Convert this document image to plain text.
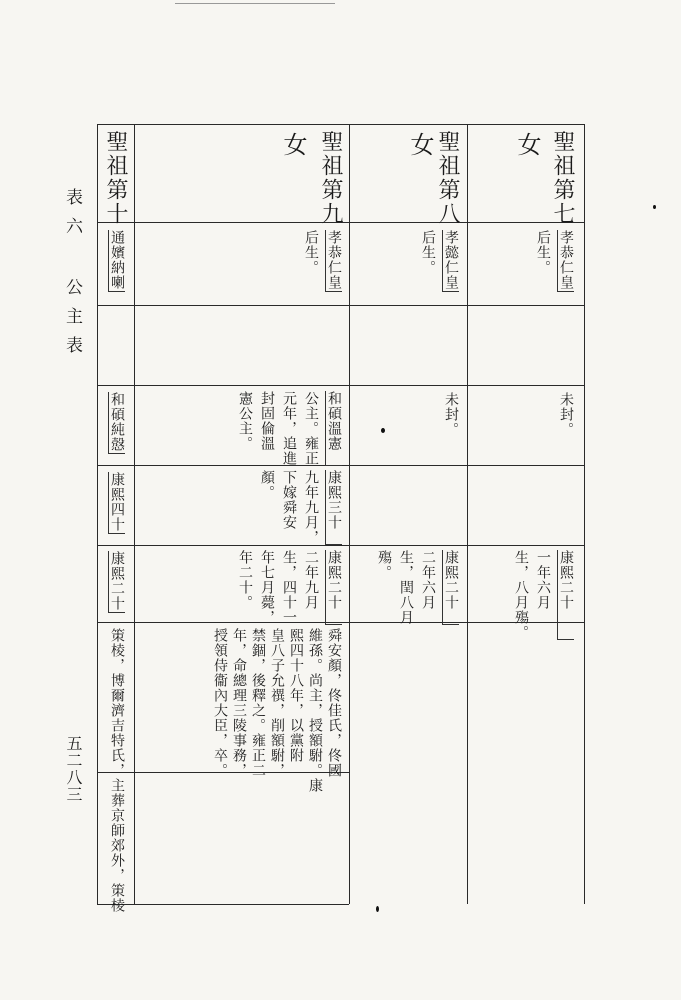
表六 公主表
五二八三
聖祖第七
女
孝恭仁皇
后生。
未封。
康熙二十
一年六月
生，八月殤。
聖祖第八
女
孝懿仁皇
后生。
未封。
康熙二十
二年六月
生，閏八月
殤。
聖祖第九
女
孝恭仁皇
后生。
和碩溫憲
公主。雍正
元年，追進
封固倫溫
憲公主。
康熙三十
九年九月，
下嫁舜安
顏。
康熙二十
二年九月
生，四十一
年七月薨，
年二十。
舜安顏，佟佳氏，佟國
維孫。尚主，授額駙。康
熙四十八年，以黨附
皇八子允禩，削額駙，
禁錮，後釋之。雍正二
年，命總理三陵事務，
授領侍衞內大臣，卒。
聖祖第十
通嬪納喇
和碩純慤
康熙四十
康熙二十
策棱，博爾濟吉特氏，
主葬京師郊外，策棱
